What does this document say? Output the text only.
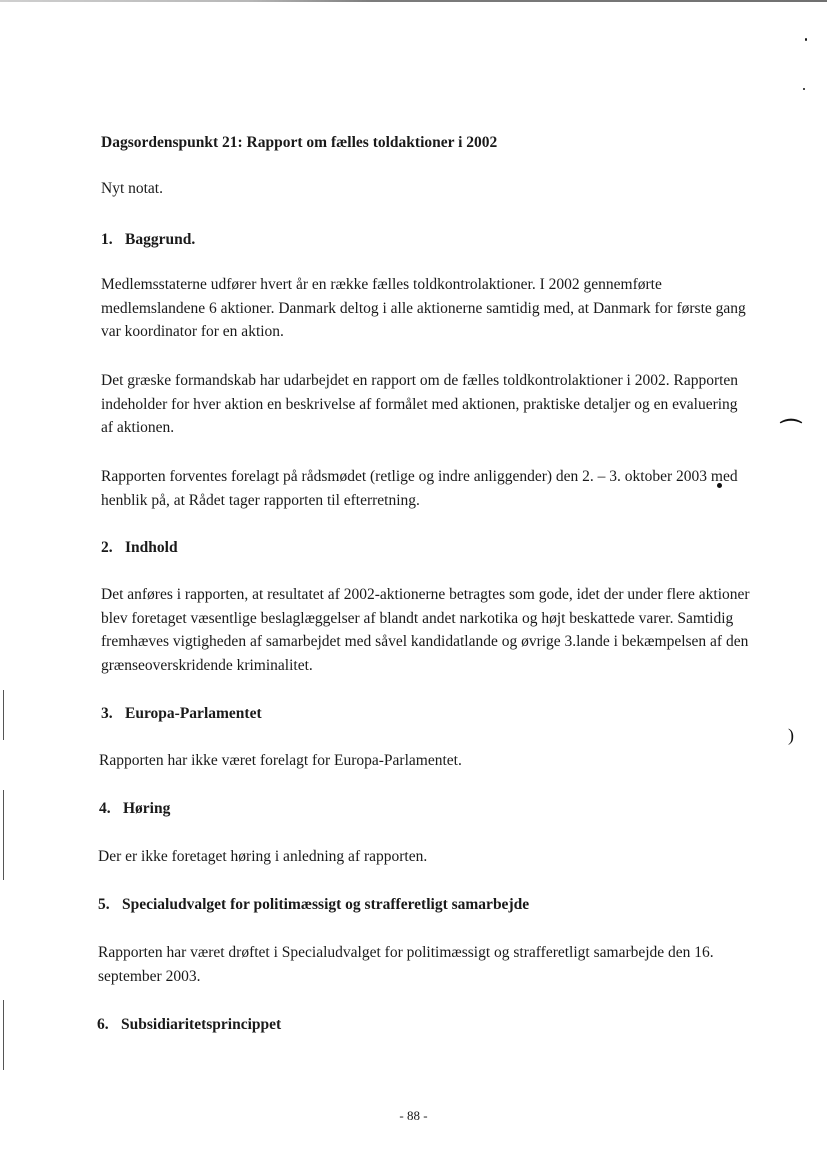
⌒
)
Dagsordenspunkt 21: Rapport om fælles toldaktioner i 2002
Nyt notat.
1. Baggrund.
Medlemsstaterne udfører hvert år en række fælles toldkontrolaktioner. I 2002 gennemførte medlemslandene 6 aktioner. Danmark deltog i alle aktionerne samtidig med, at Danmark for første gang var koordinator for en aktion.
Det græske formandskab har udarbejdet en rapport om de fælles toldkontrolaktioner i 2002. Rapporten indeholder for hver aktion en beskrivelse af formålet med aktionen, praktiske detaljer og en evaluering af aktionen.
Rapporten forventes forelagt på rådsmødet (retlige og indre anliggender) den 2. – 3. oktober 2003 med henblik på, at Rådet tager rapporten til efterretning.
2. Indhold
Det anføres i rapporten, at resultatet af 2002-aktionerne betragtes som gode, idet der under flere aktioner blev foretaget væsentlige beslaglæggelser af blandt andet narkotika og højt beskattede varer. Samtidig fremhæves vigtigheden af samarbejdet med såvel kandidatlande og øvrige 3.lande i bekæmpelsen af den grænseoverskridende kriminalitet.
3. Europa-Parlamentet
Rapporten har ikke været forelagt for Europa-Parlamentet.
4. Høring
Der er ikke foretaget høring i anledning af rapporten.
5. Specialudvalget for politimæssigt og strafferetligt samarbejde
Rapporten har været drøftet i Specialudvalget for politimæssigt og strafferetligt samarbejde den 16. september 2003.
6. Subsidiaritetsprincippet
- 88 -
